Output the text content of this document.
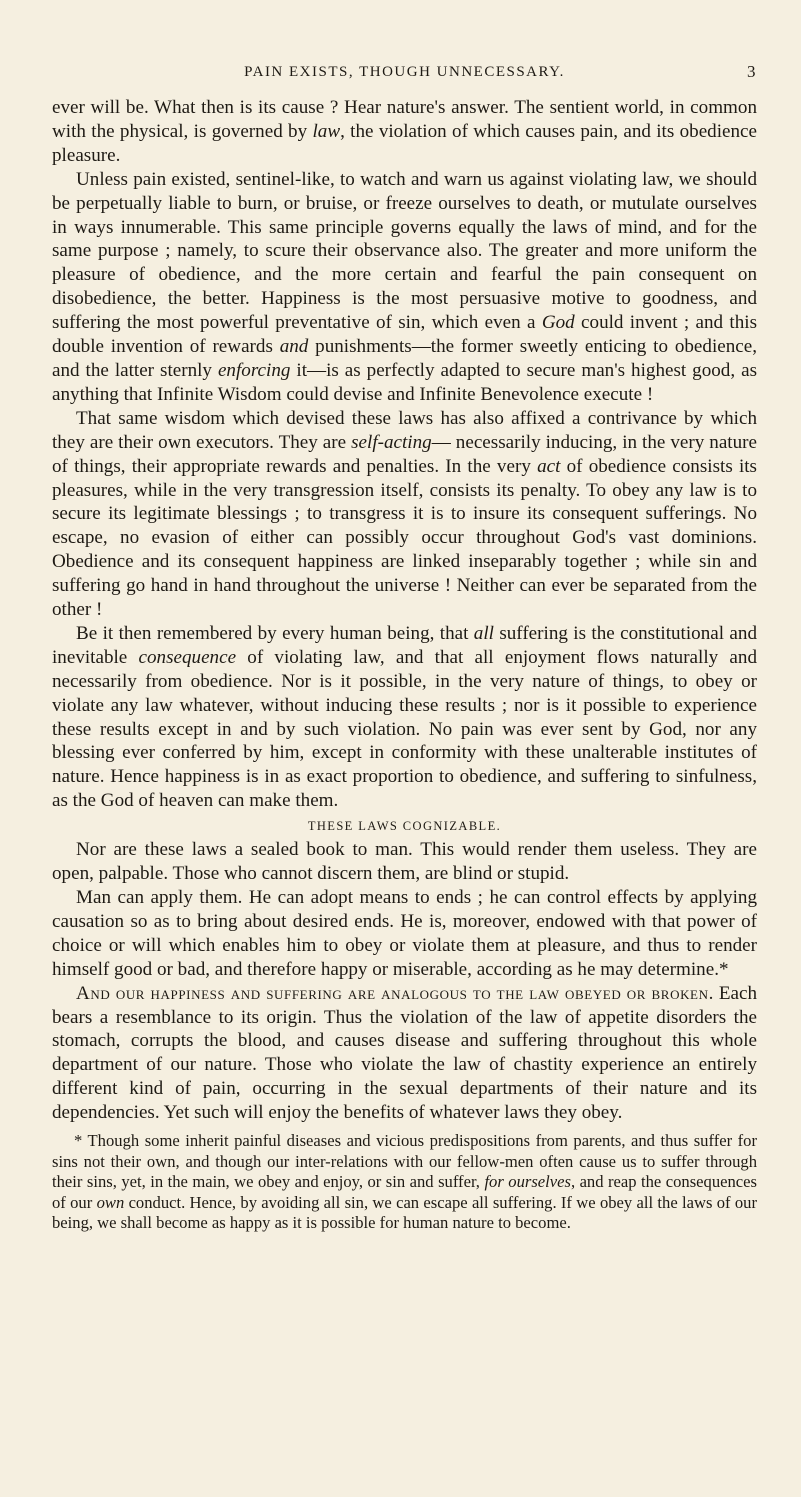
PAIN EXISTS, THOUGH UNNECESSARY.	3

ever will be. What then is its cause ? Hear nature's answer. The sentient world, in common with the physical, is governed by law, the violation of which causes pain, and its obedience pleasure.

Unless pain existed, sentinel-like, to watch and warn us against violating law, we should be perpetually liable to burn, or bruise, or freeze ourselves to death, or mutulate ourselves in ways innumerable. This same principle governs equally the laws of mind, and for the same purpose ; namely, to scure their observance also. The greater and more uniform the pleasure of obedience, and the more certain and fearful the pain consequent on disobedience, the better. Happiness is the most persuasive motive to goodness, and suffering the most powerful preventative of sin, which even a God could invent ; and this double invention of rewards and punishments—the former sweetly enticing to obedience, and the latter sternly enforcing it—is as perfectly adapted to secure man's highest good, as anything that Infinite Wisdom could devise and Infinite Benevolence execute !

That same wisdom which devised these laws has also affixed a contrivance by which they are their own executors. They are self-acting— necessarily inducing, in the very nature of things, their appropriate rewards and penalties. In the very act of obedience consists its pleasures, while in the very transgression itself, consists its penalty. To obey any law is to secure its legitimate blessings ; to transgress it is to insure its consequent sufferings. No escape, no evasion of either can possibly occur throughout God's vast dominions. Obedience and its consequent happiness are linked inseparably together ; while sin and suffering go hand in hand throughout the universe ! Neither can ever be separated from the other !

Be it then remembered by every human being, that all suffering is the constitutional and inevitable consequence of violating law, and that all enjoyment flows naturally and necessarily from obedience. Nor is it possible, in the very nature of things, to obey or violate any law whatever, without inducing these results ; nor is it possible to experience these results except in and by such violation. No pain was ever sent by God, nor any blessing ever conferred by him, except in conformity with these unalterable institutes of nature. Hence happiness is in as exact proportion to obedience, and suffering to sinfulness, as the God of heaven can make them.

THESE LAWS COGNIZABLE.

Nor are these laws a sealed book to man. This would render them useless. They are open, palpable. Those who cannot discern them, are blind or stupid.

Man can apply them. He can adopt means to ends ; he can control effects by applying causation so as to bring about desired ends. He is, moreover, endowed with that power of choice or will which enables him to obey or violate them at pleasure, and thus to render himself good or bad, and therefore happy or miserable, according as he may determine.*

And our happiness and suffering are analogous to the law obeyed or broken. Each bears a resemblance to its origin. Thus the violation of the law of appetite disorders the stomach, corrupts the blood, and causes disease and suffering throughout this whole department of our nature. Those who violate the law of chastity experience an entirely different kind of pain, occurring in the sexual departments of their nature and its dependencies. Yet such will enjoy the benefits of whatever laws they obey.

* Though some inherit painful diseases and vicious predispositions from parents, and thus suffer for sins not their own, and though our inter-relations with our fellow-men often cause us to suffer through their sins, yet, in the main, we obey and enjoy, or sin and suffer, for ourselves, and reap the consequences of our own conduct. Hence, by avoiding all sin, we can escape all suffering. If we obey all the laws of our being, we shall become as happy as it is possible for human nature to become.
